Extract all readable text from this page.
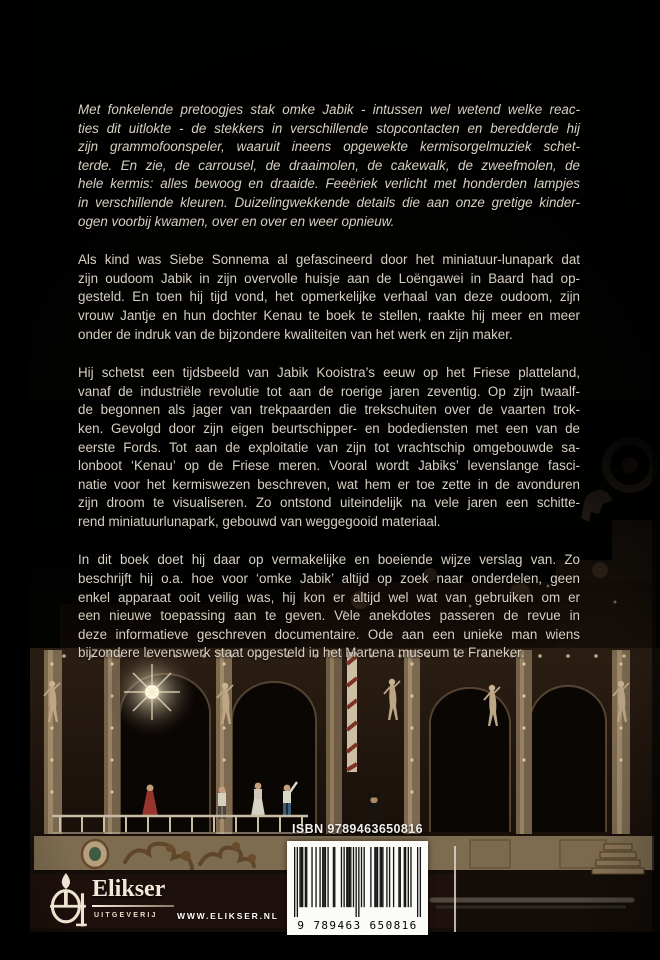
Met fonkelende pretoogjes stak omke Jabik - intussen wel wetend welke reac-
ties dit uitlokte - de stekkers in verschillende stopcontacten en beredderde hij
zijn grammofoonspeler, waaruit ineens opgewekte kermisorgelmuziek schet-
terde. En zie, de carrousel, de draaimolen, de cakewalk, de zweefmolen, de
hele kermis: alles bewoog en draaide. Feeëriek verlicht met honderden lampjes
in verschillende kleuren. Duizelingwekkende details die aan onze gretige kinder-
ogen voorbij kwamen, over en over en weer opnieuw.
Als kind was Siebe Sonnema al gefascineerd door het miniatuur-lunapark dat
zijn oudoom Jabik in zijn overvolle huisje aan de Loëngawei in Baard had op-
gesteld. En toen hij tijd vond, het opmerkelijke verhaal van deze oudoom, zijn
vrouw Jantje en hun dochter Kenau te boek te stellen, raakte hij meer en meer
onder de indruk van de bijzondere kwaliteiten van het werk en zijn maker.
Hij schetst een tijdsbeeld van Jabik Kooistra’s eeuw op het Friese platteland,
vanaf de industriële revolutie tot aan de roerige jaren zeventig. Op zijn twaalf-
de begonnen als jager van trekpaarden die trekschuiten over de vaarten trok-
ken. Gevolgd door zijn eigen beurtschipper- en bodediensten met een van de
eerste Fords. Tot aan de exploitatie van zijn tot vrachtschip omgebouwde sa-
lonboot ‘Kenau’ op de Friese meren. Vooral wordt Jabiks’ levenslange fasci-
natie voor het kermiswezen beschreven, wat hem er toe zette in de avonduren
zijn droom te visualiseren. Zo ontstond uiteindelijk na vele jaren een schitte-
rend miniatuurlunapark, gebouwd van weggegooid materiaal.
In dit boek doet hij daar op vermakelijke en boeiende wijze verslag van. Zo
beschrijft hij o.a. hoe voor ‘omke Jabik’ altijd op zoek naar onderdelen, geen
enkel apparaat ooit veilig was, hij kon er altijd wel wat van gebruiken om er
een nieuwe toepassing aan te geven. Vele anekdotes passeren de revue in
deze informatieve geschreven documentaire. Ode aan een unieke man wiens
bijzondere levenswerk staat opgesteld in het Martena museum te Franeker.
ISBN 9789463650816
9 789463 650816
Elikser
UITGEVERIJ WWW.ELIKSER.NL
